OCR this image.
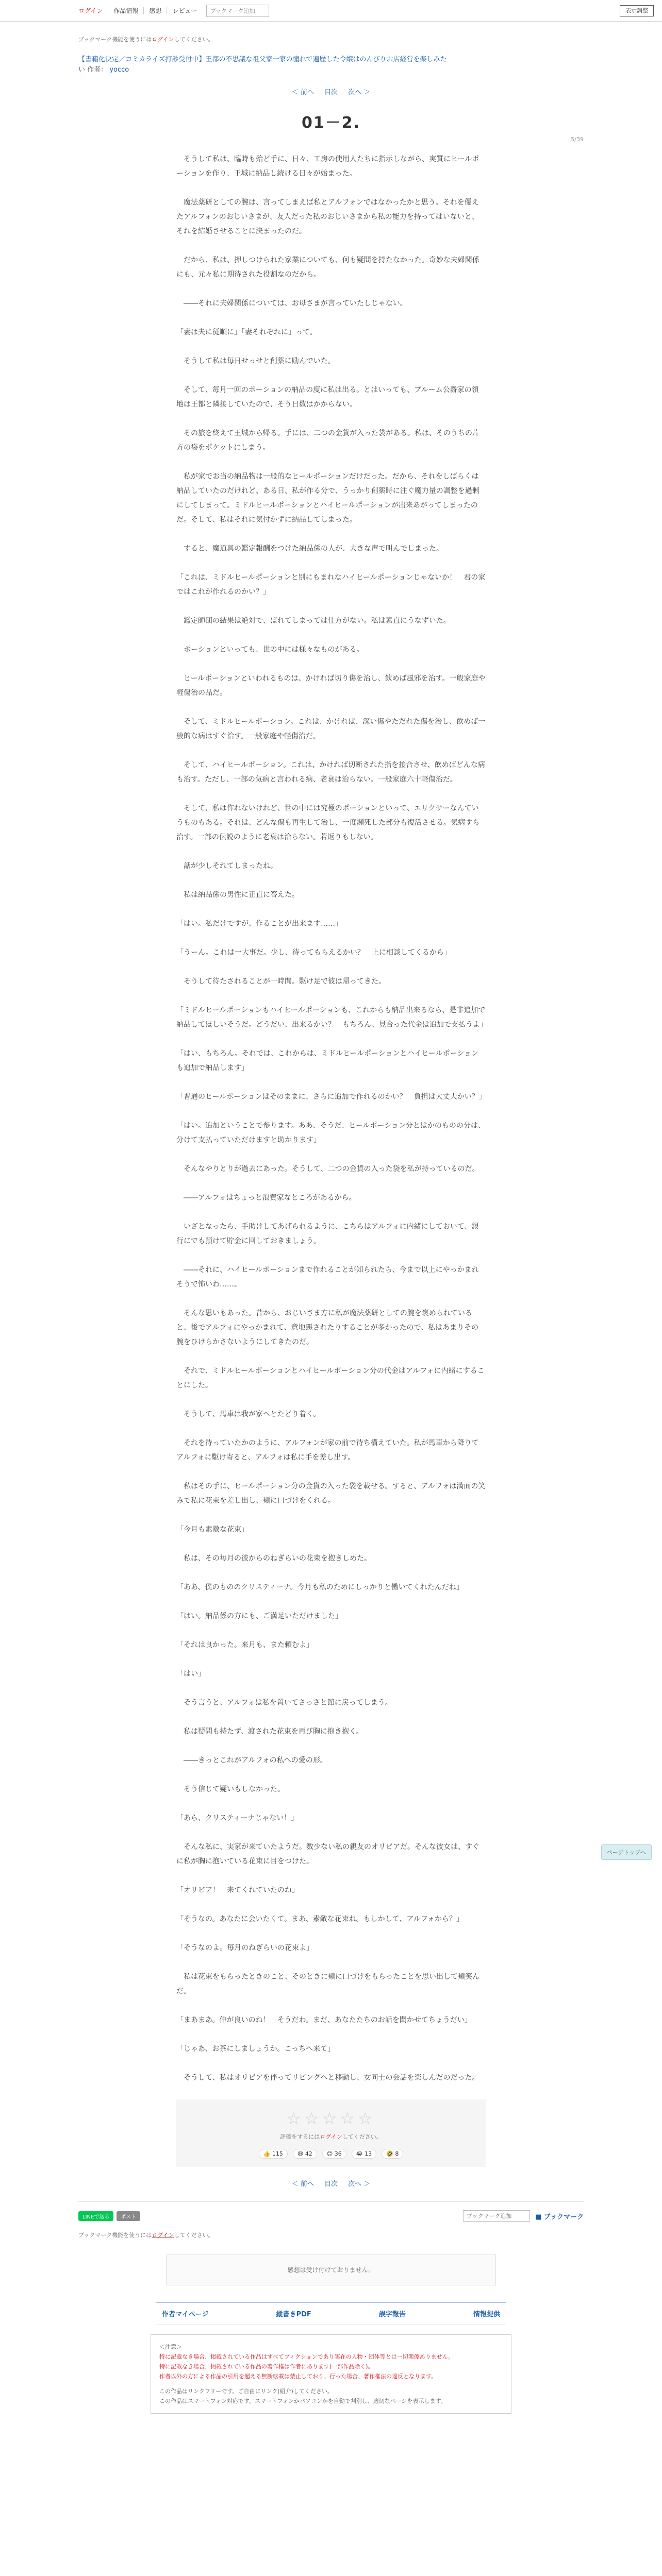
ログイン	作品情報	感想	レビュー
ブックマーク追加	表示調整
ブックマーク機能を使うにはログインしてください。
【書籍化決定／コミカライズ打診受付中】王都の不思議な祖父家一家の憧れで遍歴した令嬢はのんびりお店経営を楽しみたい 作者： yocco
＜ 前へ 目次 次へ ＞
5/39
01－2.

　そうして私は、臨時も殆ど手に、日々、工房の使用人たちに指示しながら、実質にヒールポーションを作り、王城に納品し続ける日々が始まった。

　魔法薬研としての腕は、言ってしまえば私とアルフォンではなかったかと思う。それを優えたアルフォンのおじいさまが、友人だった私のおじいさまから私の能力を持ってはいないと、それを結婚させることに決まったのだ。

　だから、私は、押しつけられた家業についても、何も疑問を持たなかった。奇妙な夫婦関係にも、元々私に期待された役割なのだから。

　――それに夫婦関係については、お母さまが言っていたしじゃない。

「妻は夫に従順に」「妻それぞれに」って。

　そうして私は毎日せっせと創薬に励んでいた。

　そして、毎月一回のポーションの納品の度に私は出る。とはいっても、ブルーム公爵家の領地は王都と隣接していたので、そう日数はかからない。

　その旅を終えて王城から帰る。手には、二つの金貨が入った袋がある。私は、そのうちの片方の袋をポケットにしまう。

　私が家でお当の納品物は一般的なヒールポーションだけだった。だから、それをしばらくは納品していたのだけれど、ある日、私が作る分で、うっかり創薬時に注ぐ魔力量の調整を過剰にしてしまって。ミドルヒールポーションとハイヒールポーションが出来あがってしまったのだ。そして、私はそれに気付かずに納品してしまった。

　すると、魔道具の鑑定報酬をつけた納品係の人が、大きな声で叫んでしまった。

「これは、ミドルヒールポーションと別にもまれなハイヒールポーションじゃないか！　君の家ではこれが作れるのかい？」

　鑑定師団の結果は絶対で、ばれてしまっては仕方がない。私は素直にうなずいた。

　ポーションといっても、世の中には様々なものがある。

　ヒールポーションといわれるものは、かければ切り傷を治し、飲めば風邪を治す。一般家庭や軽傷治の品だ。

　そして、ミドルヒールポーション。これは、かければ、深い傷やただれた傷を治し、飲めば一般的な病はすぐ治す。一般家庭や軽傷治だ。

　そして、ハイヒールポーション。これは、かければ切断された指を接合させ、飲めばどんな病も治す。ただし、一部の気病と言われる病、老衰は治らない。一般家庭六十軽傷治だ。

　そして、私は作れないけれど、世の中には究極のポーションといって、エリクサーなんていうものもある。それは、どんな傷も再生して治し、一度瀕死した部分も復活させる。気病すら治す。一部の伝説のように老衰は治らない。若返りもしない。

　話が少しそれてしまったね。

　私は納品係の男性に正直に答えた。

「はい。私だけですが、作ることが出来ます……」

「うーん。これは一大事だ。少し、待ってもらえるかい？　上に相談してくるから」

　そうして待たされることが一時間。駆け足で彼は帰ってきた。

「ミドルヒールポーションもハイヒールポーションも、これからも納品出来るなら、是非追加で納品してほしいそうだ。どうだい、出来るかい？　もちろん、見合った代金は追加で支払うよ」

「はい、もちろん。それでは、これからは、ミドルヒールポーションとハイヒールポーションも追加で納品します」

「普通のヒールポーションはそのままに、さらに追加で作れるのかい？　負担は大丈夫かい？」

「はい。追加ということで参ります。ああ、そうだ、ヒールポーション分とはかのものの分は、分けて支払っていただけますと助かります」

　そんなやりとりが過去にあった。そうして、二つの金貨の入った袋を私が持っているのだ。

　――アルフォはちょっと浪費家なところがあるから。

　いざとなったら、手助けしてあげられるように、こちらはアルフォに内緒にしておいて、銀行にでも預けて貯金に回しておきましょう。

　――それに、ハイヒールポーションまで作れることが知られたら、今まで以上にやっかまれそうで怖いわ……。

　そんな思いもあった。昔から、おじいさま方に私が魔法薬研としての腕を褒められていると、後でアルフォにやっかまれて、意地悪されたりすることが多かったので、私はあまりその腕をひけらかさないようにしてきたのだ。

　それで、ミドルヒールポーションとハイヒールポーション分の代金はアルフォに内緒にすることにした。

　そうして、馬車は我が家へとたどり着く。

　それを待っていたかのように、アルフォンが家の前で待ち構えていた。私が馬車から降りてアルフォに駆け寄ると、アルフォは私に手を差し出す。

　私はその手に、ヒールポーション分の金貨の入った袋を載せる。すると、アルフォは満面の笑みで私に花束を差し出し、頬に口づけをくれる。

「今月も素敵な花束」

　私は、その毎月の彼からのねぎらいの花束を抱きしめた。

「ああ、僕のもののクリスティーナ。今月も私のためにしっかりと働いてくれたんだね」

「はい。納品係の方にも、ご満足いただけました」

「それは良かった。来月も、また頼むよ」

「はい」

　そう言うと、アルフォは私を置いてさっさと館に戻ってしまう。

　私は疑問も持たず、渡された花束を再び胸に抱き抱く。

　――きっとこれがアルフォの私への愛の形。

　そう信じて疑いもしなかった。

「あら、クリスティーナじゃない！」

　そんな私に、実家が来ていたようだ。数少ない私の親友のオリビアだ。そんな彼女は、すぐに私が胸に抱いている花束に目をつけた。

「オリビア！　来てくれていたのね」

「そうなの。あなたに会いたくて。まあ、素敵な花束ね。もしかして、アルフォから？」

「そうなのよ。毎月のねぎらいの花束よ」

　私は花束をもらったときのこと、そのときに頬に口づけをもらったことを思い出して頬笑んだ。

「まあまあ。仲が良いのね！　そうだわ。まだ、あなたたちのお話を聞かせてちょうだい」

「じゃあ、お茶にしましょうか。こっちへ来て」

　そうして、私はオリビアを伴ってリビングへと移動し、女同士の会話を楽しんだのだった。

☆☆☆☆☆
評価をするにはログインしてください。
👍 115	😆 42	😊 36	😭 13	🤣 8
＜ 前へ 目次 次へ ＞
LINEで送る	ポスト
ブックマーク追加	■ ブックマーク
ブックマーク機能を使うにはログインしてください。
感想は受け付けておりません。
作者マイページ	縦書きPDF	誤字報告	情報提供
＜注意＞
特に記載なき場合、掲載されている作品はすべてフィクションであり実在の人物・団体等とは一切関係ありません。
特に記載なき場合、掲載されている作品の著作権は作者にあります(一部作品除く)。
作者以外の方による作品の引用を超える無断転載は禁止しており、行った場合、著作権法の違反となります。
この作品はリンクフリーです。ご自由にリンク(紹介)してください。
この作品はスマートフォン対応です。スマートフォンかパソコンかを自動で判別し、適切なページを表示します。
ページトップへ
